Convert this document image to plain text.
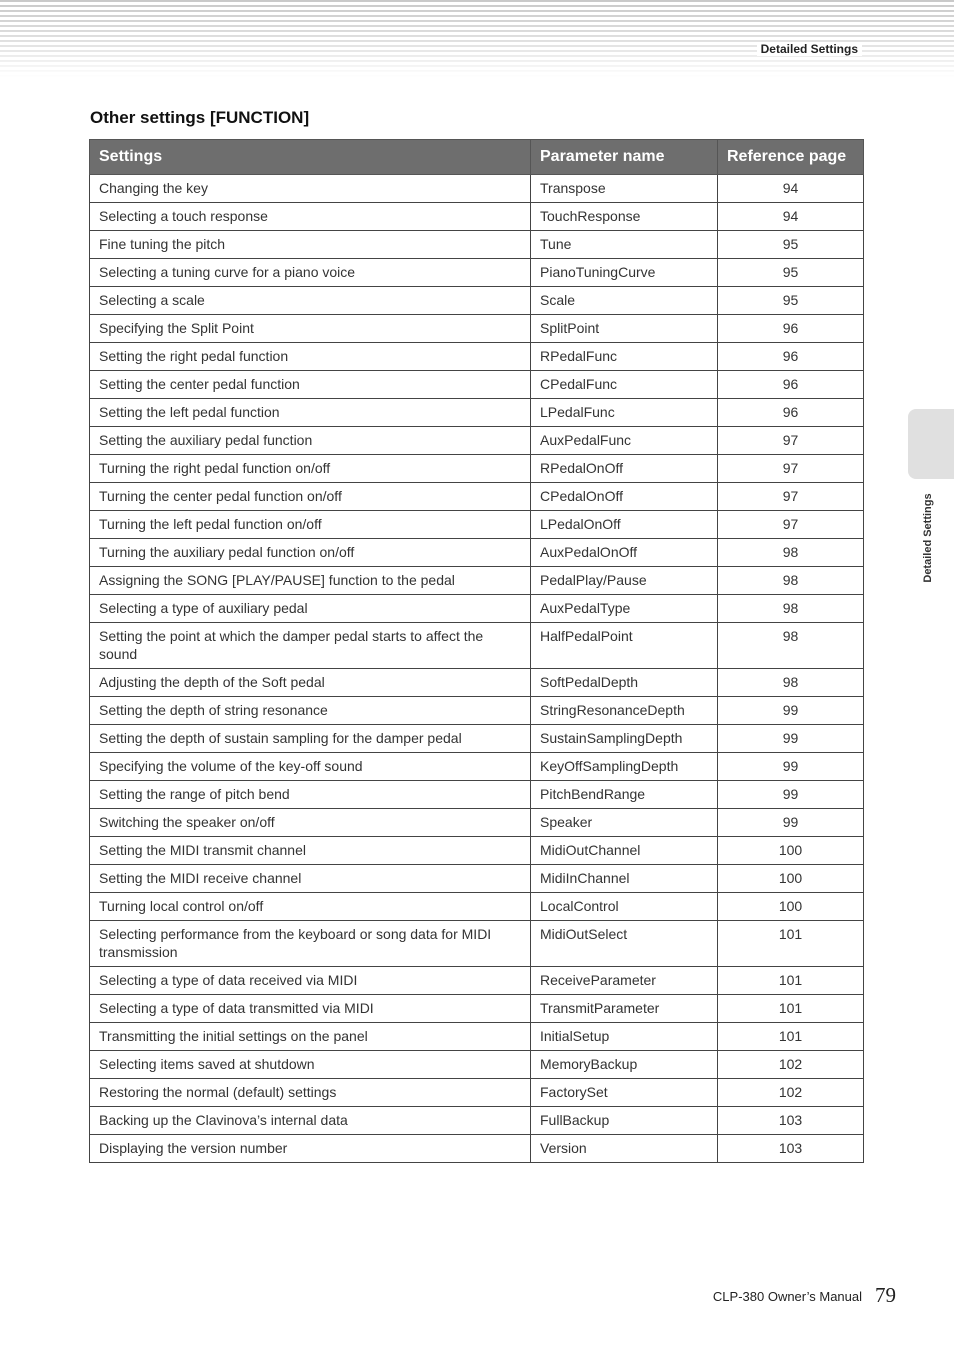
Detailed Settings
Other settings [FUNCTION]
Settings	Parameter name	Reference page
Changing the key	Transpose	94
Selecting a touch response	TouchResponse	94
Fine tuning the pitch	Tune	95
Selecting a tuning curve for a piano voice	PianoTuningCurve	95
Selecting a scale	Scale	95
Specifying the Split Point	SplitPoint	96
Setting the right pedal function	RPedalFunc	96
Setting the center pedal function	CPedalFunc	96
Setting the left pedal function	LPedalFunc	96
Setting the auxiliary pedal function	AuxPedalFunc	97
Turning the right pedal function on/off	RPedalOnOff	97
Turning the center pedal function on/off	CPedalOnOff	97
Turning the left pedal function on/off	LPedalOnOff	97
Turning the auxiliary pedal function on/off	AuxPedalOnOff	98
Assigning the SONG [PLAY/PAUSE] function to the pedal	PedalPlay/Pause	98
Selecting a type of auxiliary pedal	AuxPedalType	98
Setting the point at which the damper pedal starts to affect the sound	HalfPedalPoint	98
Adjusting the depth of the Soft pedal	SoftPedalDepth	98
Setting the depth of string resonance	StringResonanceDepth	99
Setting the depth of sustain sampling for the damper pedal	SustainSamplingDepth	99
Specifying the volume of the key-off sound	KeyOffSamplingDepth	99
Setting the range of pitch bend	PitchBendRange	99
Switching the speaker on/off	Speaker	99
Setting the MIDI transmit channel	MidiOutChannel	100
Setting the MIDI receive channel	MidiInChannel	100
Turning local control on/off	LocalControl	100
Selecting performance from the keyboard or song data for MIDI transmission	MidiOutSelect	101
Selecting a type of data received via MIDI	ReceiveParameter	101
Selecting a type of data transmitted via MIDI	TransmitParameter	101
Transmitting the initial settings on the panel	InitialSetup	101
Selecting items saved at shutdown	MemoryBackup	102
Restoring the normal (default) settings	FactorySet	102
Backing up the Clavinova’s internal data	FullBackup	103
Displaying the version number	Version	103
Detailed Settings
CLP-380 Owner’s Manual 79
